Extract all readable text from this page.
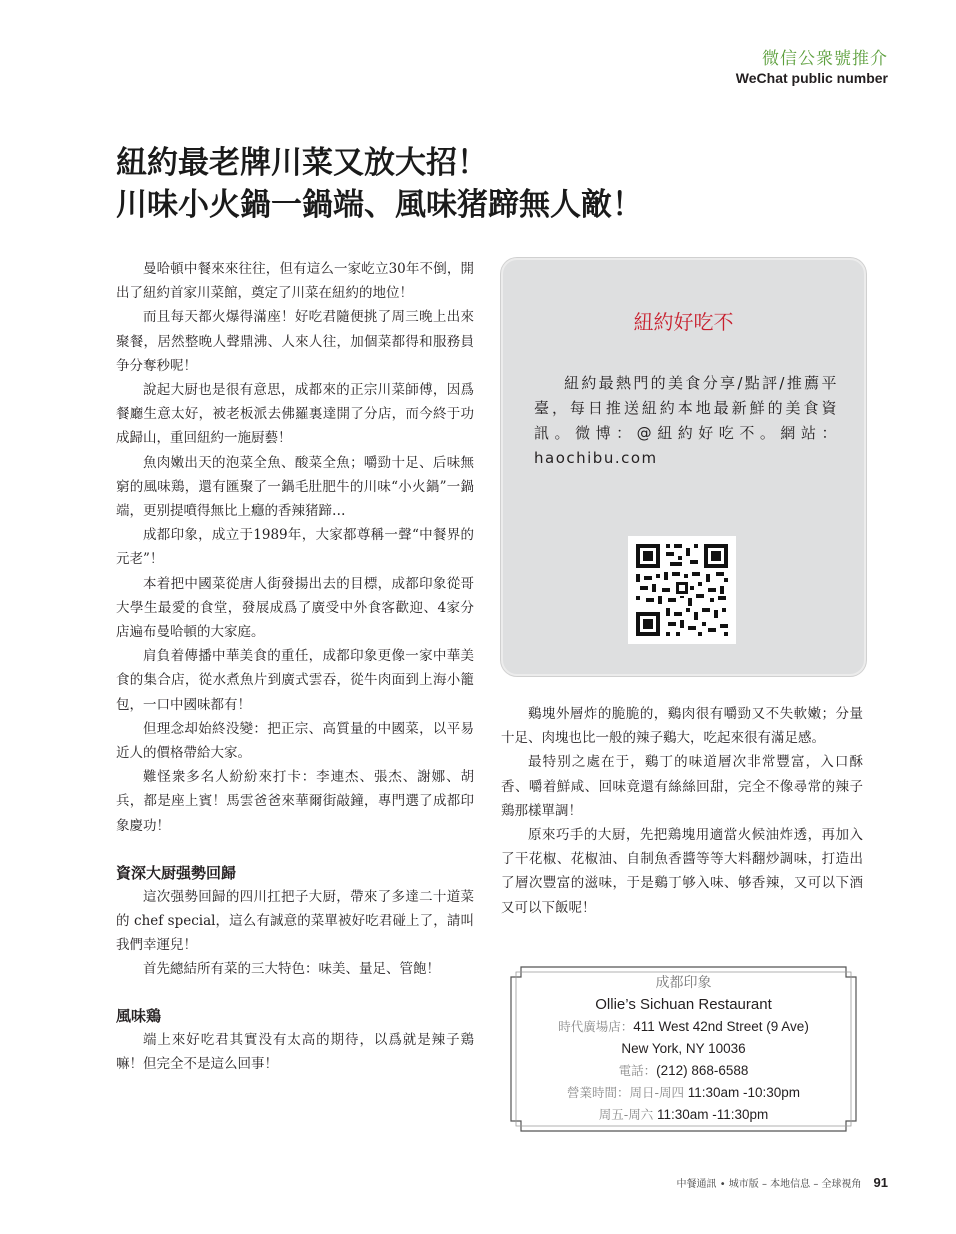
微信公衆號推介
WeChat public number
紐約最老牌川菜又放大招！
川味小火鍋一鍋端、風味猪蹄無人敵！

曼哈頓中餐來來往往，但有這么一家屹立30年不倒，開出了紐約首家川菜館，奠定了川菜在紐約的地位！

而且每天都火爆得滿座！好吃君隨便挑了周三晚上出來聚餐，居然整晚人聲鼎沸、人來人往，加個菜都得和服務員争分奪秒呢！

說起大厨也是很有意思，成都來的正宗川菜師傅，因爲餐廳生意太好，被老板派去佛羅裏達開了分店，而今終于功成歸山，重回紐約一施厨藝！

魚肉嫩出天的泡菜全魚、酸菜全魚；嚼勁十足、后味無窮的風味鶏，還有匯聚了一鍋毛肚肥牛的川味“小火鍋”一鍋端，更别提噴得無比上癮的香辣猪蹄…

成都印象，成立于1989年，大家都尊稱一聲“中餐界的元老”！

本着把中國菜從唐人街發揚出去的目標，成都印象從哥大學生最愛的食堂，發展成爲了廣受中外食客歡迎、4家分店遍布曼哈頓的大家庭。

肩負着傳播中華美食的重任，成都印象更像一家中華美食的集合店，從水煮魚片到廣式雲吞，從牛肉面到上海小籠包，一口中國味都有！

但理念却始終没變：把正宗、高質量的中國菜，以平易近人的價格帶給大家。

難怪衆多名人紛紛來打卡：李連杰、張杰、謝娜、胡兵，都是座上賓！馬雲爸爸來華爾街敲鐘，專門選了成都印象慶功！

資深大厨强勢回歸

這次强勢回歸的四川扛把子大厨，帶來了多達二十道菜的 chef special，這么有誠意的菜單被好吃君碰上了，請叫我們幸運兒！

首先總結所有菜的三大特色：味美、量足、管飽！

風味鶏

端上來好吃君其實没有太高的期待，以爲就是辣子鶏嘛！但完全不是這么回事！

紐約好吃不
紐約最熱門的美食分享/點評/推薦平臺，每日推送紐約本地最新鮮的美食資訊。微博：@紐約好吃不。網站：haochibu.com

鷄塊外層炸的脆脆的，鷄肉很有嚼勁又不失軟嫩；分量十足、肉塊也比一般的辣子鷄大，吃起來很有滿足感。

最特别之處在于，鷄丁的味道層次非常豐富，入口酥香、嚼着鮮咸、回味竟還有絲絲回甜，完全不像尋常的辣子鶏那樣單調！

原來巧手的大厨，先把鶏塊用適當火候油炸透，再加入了干花椒、花椒油、自制魚香醬等等大料翻炒調味，打造出了層次豐富的滋味，于是鷄丁够入味、够香辣，又可以下酒又可以下飯呢！

成都印象
Ollie’s Sichuan Restaurant
時代廣場店：411 West 42nd Street (9 Ave)
New York, NY 10036
電話：(212) 868-6588
營業時間：周日-周四 11:30am -10:30pm
周五-周六 11:30am -11:30pm
中餐通訊 • 城市版 – 本地信息 – 全球視角 91
